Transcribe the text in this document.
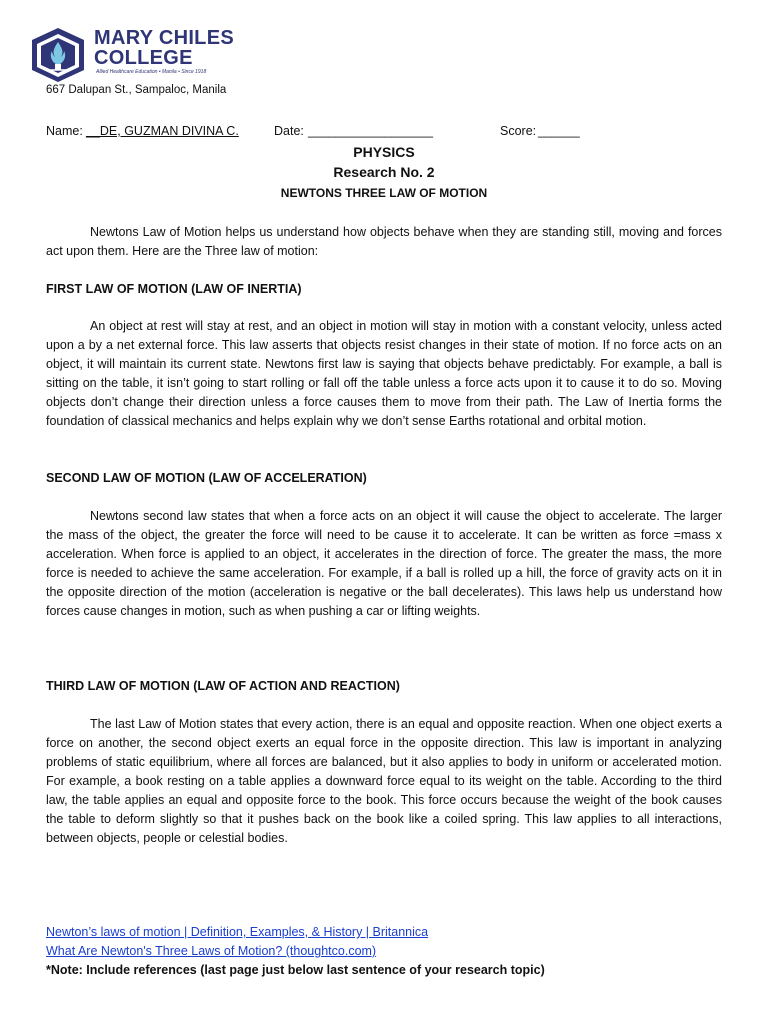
MARY CHILES
COLLEGE
Allied Healthcare Education • Manila • Since 1918
667 Dalupan St., Sampaloc, Manila
Name: __DE, GUZMAN DIVINA C.	Date: __________________	Score: ______
PHYSICS
Research No. 2
NEWTONS THREE LAW OF MOTION
Newtons Law of Motion helps us understand how objects behave when they are standing still, moving and forces act upon them. Here are the Three law of motion:
FIRST LAW OF MOTION (LAW OF INERTIA)
An object at rest will stay at rest, and an object in motion will stay in motion with a constant velocity, unless acted upon a by a net external force. This law asserts that objects resist changes in their state of motion. If no force acts on an object, it will maintain its current state. Newtons first law is saying that objects behave predictably. For example, a ball is sitting on the table, it isn’t going to start rolling or fall off the table unless a force acts upon it to cause it to do so. Moving objects don’t change their direction unless a force causes them to move from their path. The Law of Inertia forms the foundation of classical mechanics and helps explain why we don’t sense Earths rotational and orbital motion.
SECOND LAW OF MOTION (LAW OF ACCELERATION)
Newtons second law states that when a force acts on an object it will cause the object to accelerate. The larger the mass of the object, the greater the force will need to be cause it to accelerate. It can be written as force =mass x acceleration. When force is applied to an object, it accelerates in the direction of force. The greater the mass, the more force is needed to achieve the same acceleration. For example, if a ball is rolled up a hill, the force of gravity acts on it in the opposite direction of the motion (acceleration is negative or the ball decelerates). This laws help us understand how forces cause changes in motion, such as when pushing a car or lifting weights.
THIRD LAW OF MOTION (LAW OF ACTION AND REACTION)
The last Law of Motion states that every action, there is an equal and opposite reaction. When one object exerts a force on another, the second object exerts an equal force in the opposite direction. This law is important in analyzing problems of static equilibrium, where all forces are balanced, but it also applies to body in uniform or accelerated motion. For example, a book resting on a table applies a downward force equal to its weight on the table. According to the third law, the table applies an equal and opposite force to the book. This force occurs because the weight of the book causes the table to deform slightly so that it pushes back on the book like a coiled spring. This law applies to all interactions, between objects, people or celestial bodies.
Newton’s laws of motion | Definition, Examples, & History | Britannica
What Are Newton's Three Laws of Motion? (thoughtco.com)
*Note: Include references (last page just below last sentence of your research topic)
